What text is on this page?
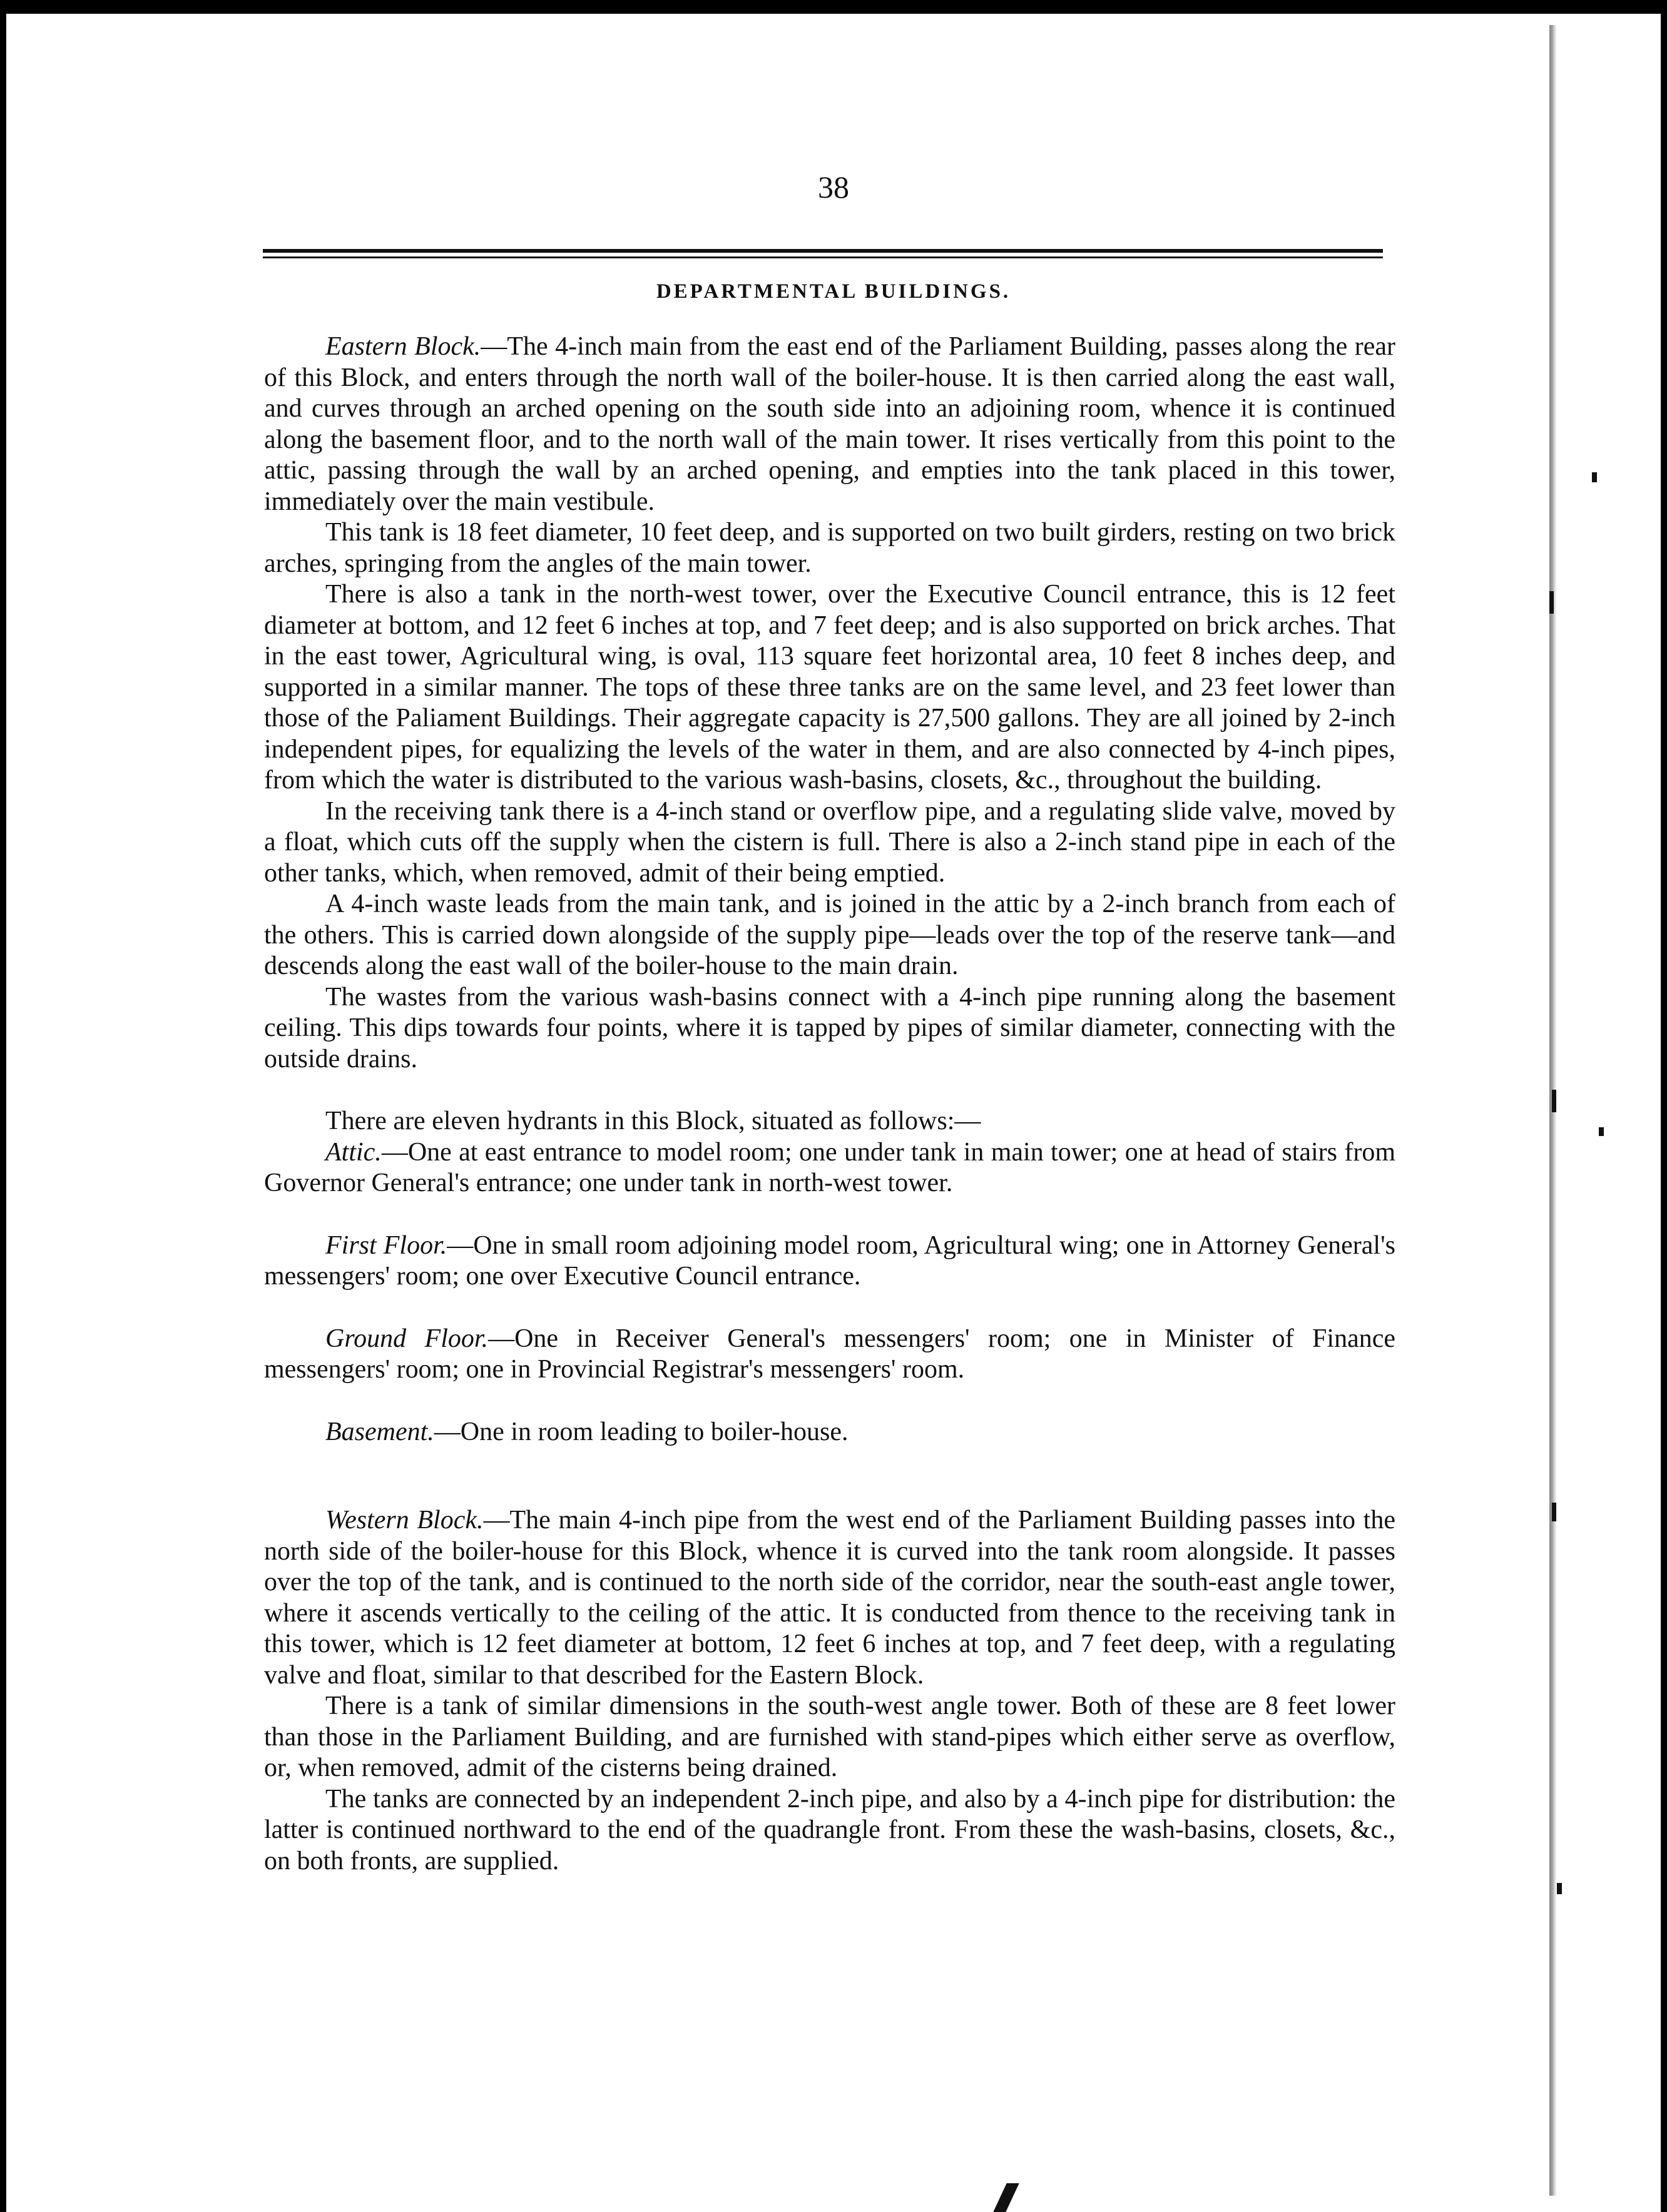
38
DEPARTMENTAL BUILDINGS.

Eastern Block.—The 4-inch main from the east end of the Parliament Building, passes along the rear of this Block, and enters through the north wall of the boiler-house. It is then carried along the east wall, and curves through an arched opening on the south side into an adjoining room, whence it is continued along the basement floor, and to the north wall of the main tower. It rises vertically from this point to the attic, passing through the wall by an arched opening, and empties into the tank placed in this tower, immediately over the main vestibule.

This tank is 18 feet diameter, 10 feet deep, and is supported on two built girders, resting on two brick arches, springing from the angles of the main tower.

There is also a tank in the north-west tower, over the Executive Council entrance, this is 12 feet diameter at bottom, and 12 feet 6 inches at top, and 7 feet deep; and is also supported on brick arches. That in the east tower, Agricultural wing, is oval, 113 square feet horizontal area, 10 feet 8 inches deep, and supported in a similar manner. The tops of these three tanks are on the same level, and 23 feet lower than those of the Paliament Buildings. Their aggregate capacity is 27,500 gallons. They are all joined by 2-inch independent pipes, for equalizing the levels of the water in them, and are also connected by 4-inch pipes, from which the water is distributed to the various wash-basins, closets, &c., throughout the building.

In the receiving tank there is a 4-inch stand or overflow pipe, and a regulating slide valve, moved by a float, which cuts off the supply when the cistern is full. There is also a 2-inch stand pipe in each of the other tanks, which, when removed, admit of their being emptied.

A 4-inch waste leads from the main tank, and is joined in the attic by a 2-inch branch from each of the others. This is carried down alongside of the supply pipe—leads over the top of the reserve tank—and descends along the east wall of the boiler-house to the main drain.

The wastes from the various wash-basins connect with a 4-inch pipe running along the basement ceiling. This dips towards four points, where it is tapped by pipes of similar diameter, connecting with the outside drains.

There are eleven hydrants in this Block, situated as follows:—

Attic.—One at east entrance to model room; one under tank in main tower; one at head of stairs from Governor General's entrance; one under tank in north-west tower.

First Floor.—One in small room adjoining model room, Agricultural wing; one in Attorney General's messengers' room; one over Executive Council entrance.

Ground Floor.—One in Receiver General's messengers' room; one in Minister of Finance messengers' room; one in Provincial Registrar's messengers' room.

Basement.—One in room leading to boiler-house.

Western Block.—The main 4-inch pipe from the west end of the Parliament Building passes into the north side of the boiler-house for this Block, whence it is curved into the tank room alongside. It passes over the top of the tank, and is continued to the north side of the corridor, near the south-east angle tower, where it ascends vertically to the ceiling of the attic. It is conducted from thence to the receiving tank in this tower, which is 12 feet diameter at bottom, 12 feet 6 inches at top, and 7 feet deep, with a regulating valve and float, similar to that described for the Eastern Block.

There is a tank of similar dimensions in the south-west angle tower. Both of these are 8 feet lower than those in the Parliament Building, and are furnished with stand-pipes which either serve as overflow, or, when removed, admit of the cisterns being drained.

The tanks are connected by an independent 2-inch pipe, and also by a 4-inch pipe for distribution: the latter is continued northward to the end of the quadrangle front. From these the wash-basins, closets, &c., on both fronts, are supplied.
